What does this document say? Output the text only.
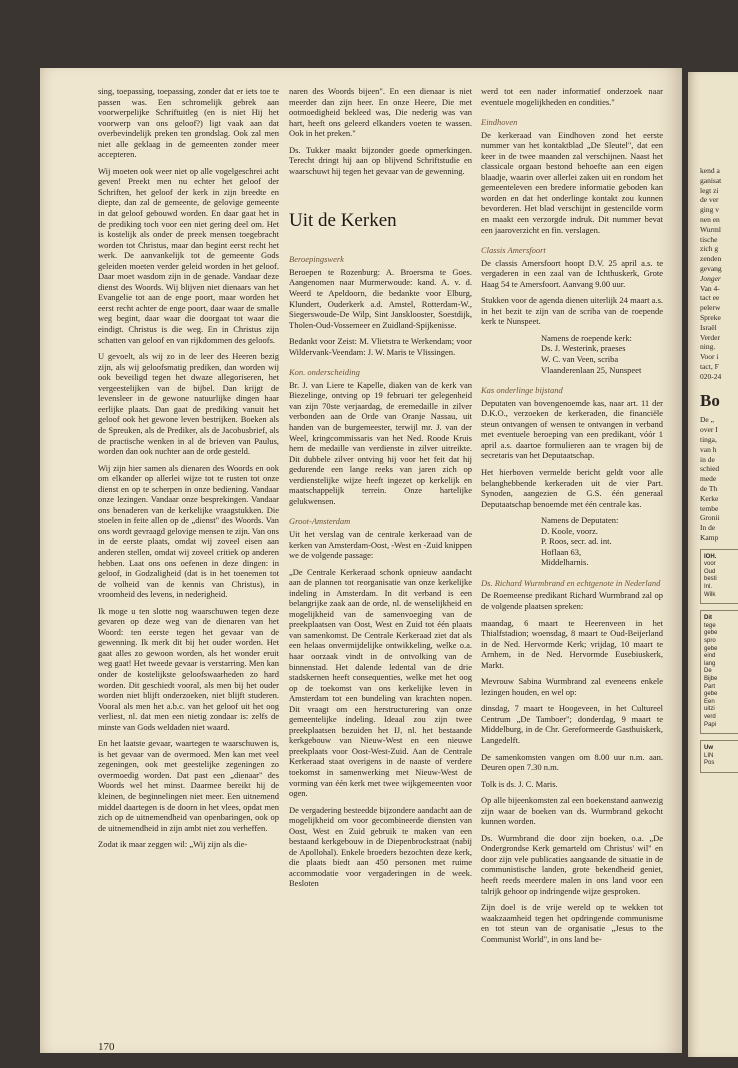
sing, toepassing, toepassing, zonder dat er iets toe te passen was. Een schromelijk gebrek aan voorwerpelijke Schriftuitleg (en is niet Hij het voorwerp van ons geloof?) ligt vaak aan dat overbevindelijk preken ten grondslag. Ook zal men niet alle geklaag in de gemeenten zonder meer accepteren.

Wij moeten ook weer niet op alle vogelgeschrei acht geven! Preekt men nu echter het geloof der Schriften, het geloof der kerk in zijn breedte en diepte, dan zal de gemeente, de gelovige gemeente in dat geloof gebouwd worden. En daar gaat het in de prediking toch voor een niet gering deel om. Het is kostelijk als onder de preek mensen toegebracht worden tot Christus, maar dan begint eerst recht het werk. De aanvankelijk tot de gemeente Gods geleiden moeten verder geleid worden in het geloof. Daar moet wasdom zijn in de genade. Vandaar deze dienst des Woords. Wij blijven niet dienaars van het Evangelie tot aan de enge poort, maar worden het eerst recht achter de enge poort, daar waar de smalle weg begint, daar waar die doorgaat tot waar die eindigt. Christus is die weg. En in Christus zijn schatten van geloof en van rijkdommen des geloofs.

U gevoelt, als wij zo in de leer des Heeren bezig zijn, als wij geloofsmatig prediken, dan worden wij ook beveiligd tegen het dwaze allegoriseren, het vergeestelijken van de bijbel. Dan krijgt de levensleer in de gewone natuurlijke dingen haar eerlijke plaats. Dan gaat de prediking vanuit het geloof ook het gewone leven bestrijken. Boeken als de Spreuken, als de Prediker, als de Jacobusbrief, als de practische wenken in al de brieven van Paulus, worden dan ook nuchter aan de orde gesteld.

Wij zijn hier samen als dienaren des Woords en ook om elkander op allerlei wijze tot te rusten tot onze dienst en op te scherpen in onze bediening. Vandaar onze lezingen. Vandaar onze besprekingen. Vandaar ons benaderen van de kerkelijke vraagstukken. Die stoelen in feite allen op de „dienst" des Woords. Van ons wordt gevraagd gelovige mensen te zijn. Van ons in de eerste plaats, omdat wij zoveel eisen aan anderen stellen, omdat wij zoveel critiek op anderen hebben. Laat ons ons oefenen in deze dingen: in geloof, in Godzaligheid (dat is in het toenemen tot de volheid van de kennis van Christus), in vroomheid des levens, in nederigheid.

Ik moge u ten slotte nog waarschuwen tegen deze gevaren op deze weg van de dienaren van het Woord: ten eerste tegen het gevaar van de gewenning. Ik merk dit bij het ouder worden. Het gaat alles zo gewoon worden, als het wonder eruit weg gaat! Het tweede gevaar is verstarring. Men kan onder de kostelijkste geloofswaarheden zo hard worden. Dit geschiedt vooral, als men bij het ouder worden niet blijft onderzoeken, niet blijft studeren. Vooral als men het a.b.c. van het geloof uit het oog verliest, nl. dat men een nietig zondaar is: zelfs de minste van Gods weldaden niet waard.

En het laatste gevaar, waartegen te waarschuwen is, is het gevaar van de overmoed. Men kan met veel zegeningen, ook met geestelijke zegeningen zo overmoedig worden. Dat past een „dienaar" des Woords wel het minst. Daarmee bereikt hij de kleinen, de beginnelingen niet meer. Een uitnemend middel daartegen is de doorn in het vlees, opdat men zich op de uitnemendheid van openbaringen, ook op de uitnemendheid in zijn ambt niet zou verheffen.

Zodat ik maar zeggen wil: „Wij zijn als die-

naren des Woords bijeen". En een dienaar is niet meerder dan zijn heer. En onze Heere, Die met ootmoedigheid bekleed was, Die nederig was van hart, heeft ons geleerd elkanders voeten te wassen. Ook in het preken."

Ds. Tukker maakt bijzonder goede opmerkingen. Terecht dringt hij aan op blijvend Schriftstudie en waarschuwt hij tegen het gevaar van de gewenning.

Uit de Kerken
Beroepingswerk

Beroepen te Rozenburg: A. Broersma te Goes. Aangenomen naar Murmerwoude: kand. A. v. d. Weerd te Apeldoorn, die bedankte voor Elburg, Klundert, Ouderkerk a.d. Amstel, Rotterdam-W., Siegerswoude-De Wilp, Sint Jansklooster, Soestdijk, Tholen-Oud-Vossemeer en Zuidland-Spijkenisse.

Bedankt voor Zeist: M. Vlietstra te Werkendam; voor Wildervank-Veendam: J. W. Maris te Vlissingen.

Kon. onderscheiding

Br. J. van Liere te Kapelle, diaken van de kerk van Biezelinge, ontving op 19 februari ter gelegenheid van zijn 70ste verjaardag, de eremedaille in zilver verbonden aan de Orde van Oranje Nassau, uit handen van de burgemeester, terwijl mr. J. van der Weel, kringcommissaris van het Ned. Roode Kruis hem de medaille van verdienste in zilver uitreikte. Dit dubbele zilver ontving hij voor het feit dat hij gedurende een lange reeks van jaren zich op verdienstelijke wijze heeft ingezet op kerkelijk en maatschappelijk terrein. Onze hartelijke gelukwensen.

Groot-Amsterdam

Uit het verslag van de centrale kerkeraad van de kerken van Amsterdam-Oost, -West en -Zuid knippen we de volgende passage:

„De Centrale Kerkeraad schonk opnieuw aandacht aan de plannen tot reorganisatie van onze kerkelijke indeling in Amsterdam. In dit verband is een belangrijke zaak aan de orde, nl. de wenselijkheid en mogelijkheid van de samenvoeging van de preekplaatsen van Oost, West en Zuid tot één plaats van samenkomst. De Centrale Kerkeraad ziet dat als een helaas onvermijdelijke ontwikkeling, welke o.a. haar oorzaak vindt in de ontvolking van de binnenstad. Het dalende ledental van de drie stadskernen heeft consequenties, welke met het oog op de toekomst van ons kerkelijke leven in Amsterdam tot een bundeling van krachten nopen. Dit vraagt om een herstructurering van onze gemeentelijke indeling. Ideaal zou zijn twee preekplaatsen bezuiden het IJ, nl. het bestaande kerkgebouw van Nieuw-West en een nieuwe preekplaats voor Oost-West-Zuid. Aan de Centrale Kerkeraad staat overigens in de naaste of verdere toekomst in samenwerking met Nieuw-West de vorming van één kerk met twee wijkgemeenten voor ogen.

De vergadering besteedde bijzondere aandacht aan de mogelijkheid om voor gecombineerde diensten van Oost, West en Zuid gebruik te maken van een bestaand kerkgebouw in de Diepenbrockstraat (nabij de Apollohal). Enkele broeders bezochten deze kerk, die plaats biedt aan 450 personen met ruime accommodatie voor vergaderingen in de week. Besloten

werd tot een nader informatief onderzoek naar eventuele mogelijkheden en condities."

Eindhoven

De kerkeraad van Eindhoven zond het eerste nummer van het kontaktblad „De Sleutel", dat een keer in de twee maanden zal verschijnen. Naast het classicale orgaan bestond behoefte aan een eigen blaadje, waarin over allerlei zaken uit en rondom het gemeenteleven een bredere informatie geboden kan worden en dat het onderlinge kontakt zou kunnen bevorderen. Het blad verschijnt in gestencilde vorm en maakt een verzorgde indruk. Dit nummer bevat een jaaroverzicht en fin. verslagen.

Classis Amersfoort

De classis Amersfoort hoopt D.V. 25 april a.s. te vergaderen in een zaal van de Ichthuskerk, Grote Haag 54 te Amersfoort. Aanvang 9.00 uur.

Stukken voor de agenda dienen uiterlijk 24 maart a.s. in het bezit te zijn van de scriba van de roepende kerk te Nunspeet.

Namens de roepende kerk:
Ds. J. Westerink, praeses
W. C. van Veen, scriba
Vlaanderenlaan 25, Nunspeet
Kas onderlinge bijstand

Deputaten van bovengenoemde kas, naar art. 11 der D.K.O., verzoeken de kerkeraden, die financiële steun ontvangen of wensen te ontvangen in verband met eventuele beroeping van een predikant, vóór 1 april a.s. daartoe formulieren aan te vragen bij de secretaris van het Deputaatschap.

Het hierboven vermelde bericht geldt voor alle belanghebbende kerkeraden uit de vier Part. Synoden, aangezien de G.S. één generaal Deputaatschap benoemde met één centrale kas.

Namens de Deputaten:
D. Koole, voorz.
P. Roos, secr. ad. int.
Hoflaan 63,
Middelharnis.
Ds. Richard Wurmbrand en echtgenote in Nederland

De Roemeense predikant Richard Wurmbrand zal op de volgende plaatsen spreken:

maandag, 6 maart te Heerenveen in het Thialfstadion; woensdag, 8 maart te Oud-Beijerland in de Ned. Hervormde Kerk; vrijdag, 10 maart te Arnhem, in de Ned. Hervormde Eusebiuskerk, Markt.

Mevrouw Sabina Wurmbrand zal eveneens enkele lezingen houden, en wel op:

dinsdag, 7 maart te Hoogeveen, in het Cultureel Centrum „De Tamboer"; donderdag, 9 maart te Middelburg, in de Chr. Gereformeerde Gasthuiskerk, Langedelft.

De samenkomsten vangen om 8.00 uur n.m. aan. Deuren open 7.30 n.m.

Tolk is ds. J. C. Maris.

Op alle bijeenkomsten zal een boekenstand aanwezig zijn waar de boeken van ds. Wurmbrand gekocht kunnen worden.

Ds. Wurmbrand die door zijn boeken, o.a. „De Ondergrondse Kerk gemarteld om Christus' wil" en door zijn vele publicaties aangaande de situatie in de communistische landen, grote bekendheid geniet, heeft reeds meerdere malen in ons land voor een talrijk gehoor op indringende wijze gesproken.

Zijn doel is de vrije wereld op te wekken tot waakzaamheid tegen het opdringende communisme en tot steun van de organisatie „Jesus to the Communist World", in ons land be-

170
kend a
ganisat
legt zi
de ver
ging v
nen en
Wurml
tische
zich g
zenden
gevang
Jonger
Van 4-
tact ee
pelerw
Spreke
Israël
Verder
ning.
Voor i
tact, F
020-24
Bo
De „
over I
tinga,
van h
in de
schied
mede
de Th
Kerke
tembe
Gronii
In de
Kamp
IOH.
voor
Oud
besti
Inl.
Wilk
Dit
tege
gebe
spro
gebe
eind
lang
De
Bijbe
Part
gebe
Een
uitzi
verd
Papi
Uw
LIN
Pos
